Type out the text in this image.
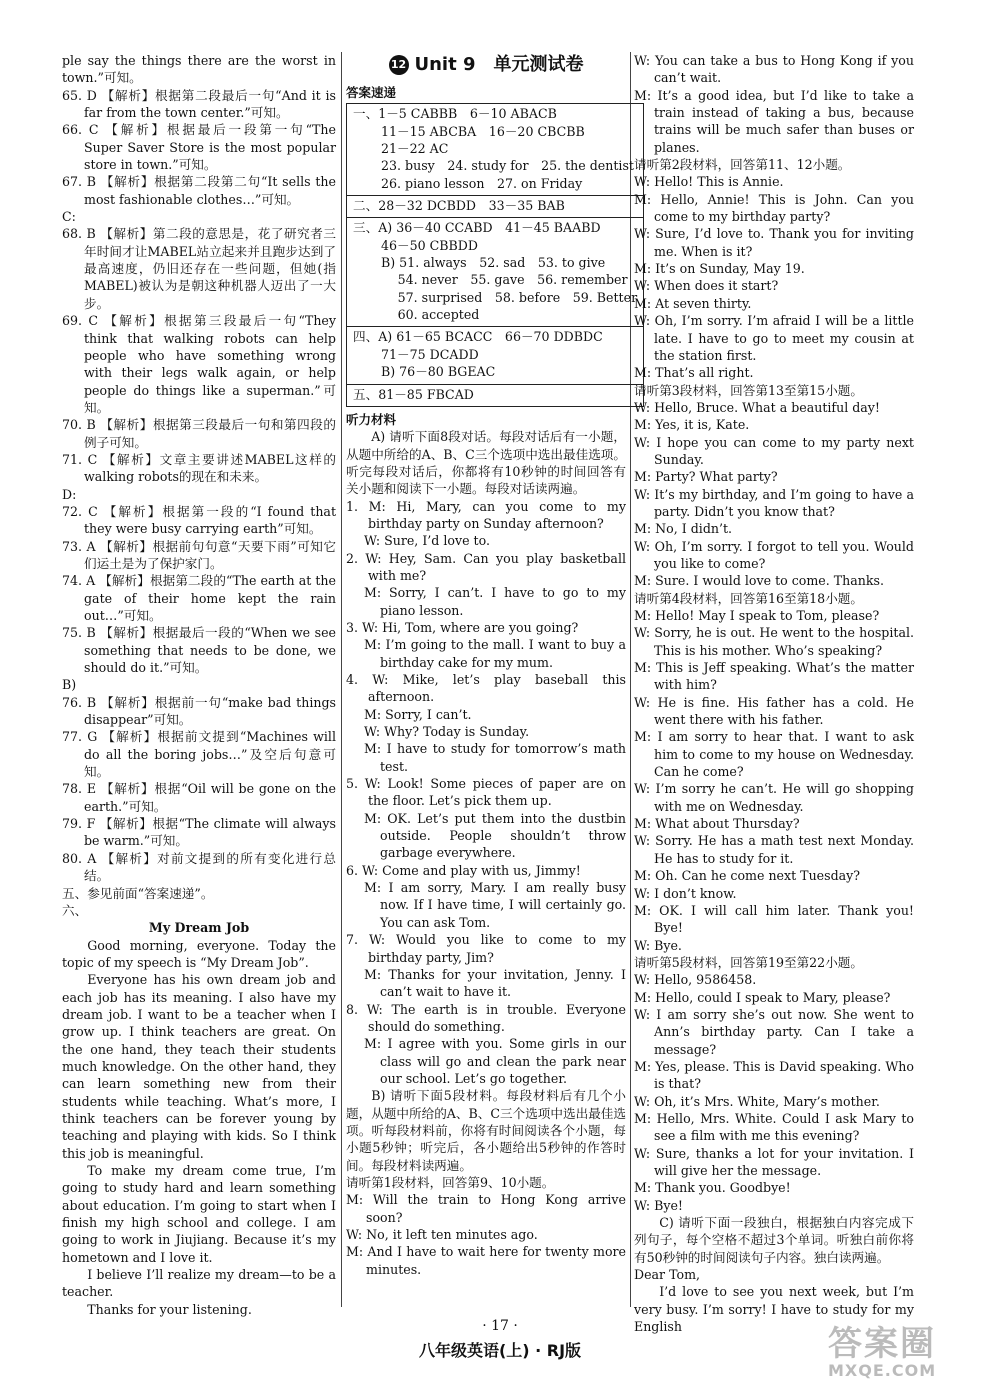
ple say the things there are the worst in town.”可知。

65. D 【解析】根据第二段最后一句“And it is far from the town center.”可知。

66. C 【解析】根据最后一段第一句“The Super Saver Store is the most popular store in town.”可知。

67. B 【解析】根据第二段第二句“It sells the most fashionable clothes…”可知。

C:

68. B 【解析】第二段的意思是，花了研究者三年时间才让MABEL站立起来并且跑步达到了最高速度，仍旧还存在一些问题，但她(指MABEL)被认为是朝这种机器人迈出了一大步。

69. C 【解析】根据第三段最后一句“They think that walking robots can help people who have something wrong with their legs walk again, or help people do things like a superman.”可知。

70. B 【解析】根据第三段最后一句和第四段的例子可知。

71. C 【解析】文章主要讲述MABEL这样的walking robots的现在和未来。

D:

72. C 【解析】根据第一段的“I found that they were busy carrying earth”可知。

73. A 【解析】根据前句句意“天要下雨”可知它们运土是为了保护家门。

74. A 【解析】根据第二段的“The earth at the gate of their home kept the rain out…”可知。

75. B 【解析】根据最后一段的“When we see something that needs to be done, we should do it.”可知。

B)

76. B 【解析】根据前一句“make bad things disappear”可知。

77. G 【解析】根据前文提到“Machines will do all the boring jobs…”及空后句意可知。

78. E 【解析】根据“Oil will be gone on the earth.”可知。

79. F 【解析】根据“The climate will always be warm.”可知。

80. A 【解析】对前文提到的所有变化进行总结。

五、参见前面“答案速递”。

六、

My Dream Job

Good morning, everyone. Today the topic of my speech is “My Dream Job”.

Everyone has his own dream job and each job has its meaning. I also have my dream job. I want to be a teacher when I grow up. I think teachers are great. On the one hand, they teach their students much knowledge. On the other hand, they can learn something new from their students while teaching. What’s more, I think teachers can be forever young by teaching and playing with kids. So I think this job is meaningful.

To make my dream come true, I’m going to study hard and learn something about education. I’m going to start when I finish my high school and college. I am going to work in Jiujiang. Because it’s my hometown and I love it.

I believe I’ll realize my dream—to be a teacher.

Thanks for your listening.

12 Unit 9　单元测试卷

答案速递

一、1－5 CABBB　6－10 ABACB
11－15 ABCBA　16－20 CBCBB
21－22 AC
23. busy　24. study for　25. the dentist
26. piano lesson　27. on Friday

二、28－32 DCBDD　33－35 BAB

三、A) 36－40 CCABD　41－45 BAABD
46－50 CBBDD
B) 51. always　52. sad　53. to give
　 54. never　55. gave　56. remember
　 57. surprised　58. before　59. Better
　 60. accepted

四、A) 61－65 BCACC　66－70 DDBDC
71－75 DCADD
B) 76－80 BGEAC

五、81－85 FBCAD

听力材料

A) 请听下面8段对话。每段对话后有一小题，从题中所给的A、B、C三个选项中选出最佳选项。听完每段对话后，你都将有10秒钟的时间回答有关小题和阅读下一小题。每段对话读两遍。

1. M: Hi, Mary, can you come to my birthday party on Sunday afternoon?

W: Sure, I’d love to.

2. W: Hey, Sam. Can you play basketball with me?

M: Sorry, I can’t. I have to go to my piano lesson.

3. W: Hi, Tom, where are you going?

M: I’m going to the mall. I want to buy a birthday cake for my mum.

4. W: Mike, let’s play baseball this afternoon.

M: Sorry, I can’t.

W: Why? Today is Sunday.

M: I have to study for tomorrow’s math test.

5. W: Look! Some pieces of paper are on the floor. Let’s pick them up.

M: OK. Let’s put them into the dustbin outside. People shouldn’t throw garbage everywhere.

6. W: Come and play with us, Jimmy!

M: I am sorry, Mary. I am really busy now. If I have time, I will certainly go. You can ask Tom.

7. W: Would you like to come to my birthday party, Jim?

M: Thanks for your invitation, Jenny. I can’t wait to have it.

8. W: The earth is in trouble. Everyone should do something.

M: I agree with you. Some girls in our class will go and clean the park near our school. Let’s go together.

B) 请听下面5段材料。每段材料后有几个小题，从题中所给的A、B、C三个选项中选出最佳选项。听每段材料前，你将有时间阅读各个小题，每小题5秒钟；听完后，各小题给出5秒钟的作答时间。每段材料读两遍。

请听第1段材料，回答第9、10小题。

M: Will the train to Hong Kong arrive soon?

W: No, it left ten minutes ago.

M: And I have to wait here for twenty more minutes.

W: You can take a bus to Hong Kong if you can’t wait.

M: It’s a good idea, but I’d like to take a train instead of taking a bus, because trains will be much safer than buses or planes.

请听第2段材料，回答第11、12小题。

W: Hello! This is Annie.

M: Hello, Annie! This is John. Can you come to my birthday party?

W: Sure, I’d love to. Thank you for inviting me. When is it?

M: It’s on Sunday, May 19.

W: When does it start?

M: At seven thirty.

W: Oh, I’m sorry. I’m afraid I will be a little late. I have to go to meet my cousin at the station first.

M: That’s all right.

请听第3段材料，回答第13至第15小题。

W: Hello, Bruce. What a beautiful day!

M: Yes, it is, Kate.

W: I hope you can come to my party next Sunday.

M: Party? What party?

W: It’s my birthday, and I’m going to have a party. Didn’t you know that?

M: No, I didn’t.

W: Oh, I’m sorry. I forgot to tell you. Would you like to come?

M: Sure. I would love to come. Thanks.

请听第4段材料，回答第16至第18小题。

M: Hello! May I speak to Tom, please?

W: Sorry, he is out. He went to the hospital. This is his mother. Who’s speaking?

M: This is Jeff speaking. What’s the matter with him?

W: He is fine. His father has a cold. He went there with his father.

M: I am sorry to hear that. I want to ask him to come to my house on Wednesday. Can he come?

W: I’m sorry he can’t. He will go shopping with me on Wednesday.

M: What about Thursday?

W: Sorry. He has a math test next Monday. He has to study for it.

M: Oh. Can he come next Tuesday?

W: I don’t know.

M: OK. I will call him later. Thank you! Bye!

W: Bye.

请听第5段材料，回答第19至第22小题。

W: Hello, 9586458.

M: Hello, could I speak to Mary, please?

W: I am sorry she’s out now. She went to Ann’s birthday party. Can I take a message?

M: Yes, please. This is David speaking. Who is that?

W: Oh, it’s Mrs. White, Mary’s mother.

M: Hello, Mrs. White. Could I ask Mary to see a film with me this evening?

W: Sure, thanks a lot for your invitation. I will give her the message.

M: Thank you. Goodbye!

W: Bye!

C) 请听下面一段独白，根据独白内容完成下列句子，每个空格不超过3个单词。听独白前你将有50秒钟的时间阅读句子内容。独白读两遍。

Dear Tom,

I’d love to see you next week, but I’m very busy. I’m sorry! I have to study for my English

· 17 ·
八年级英语(上) · RJ版	答案圈
MXQE.COM
